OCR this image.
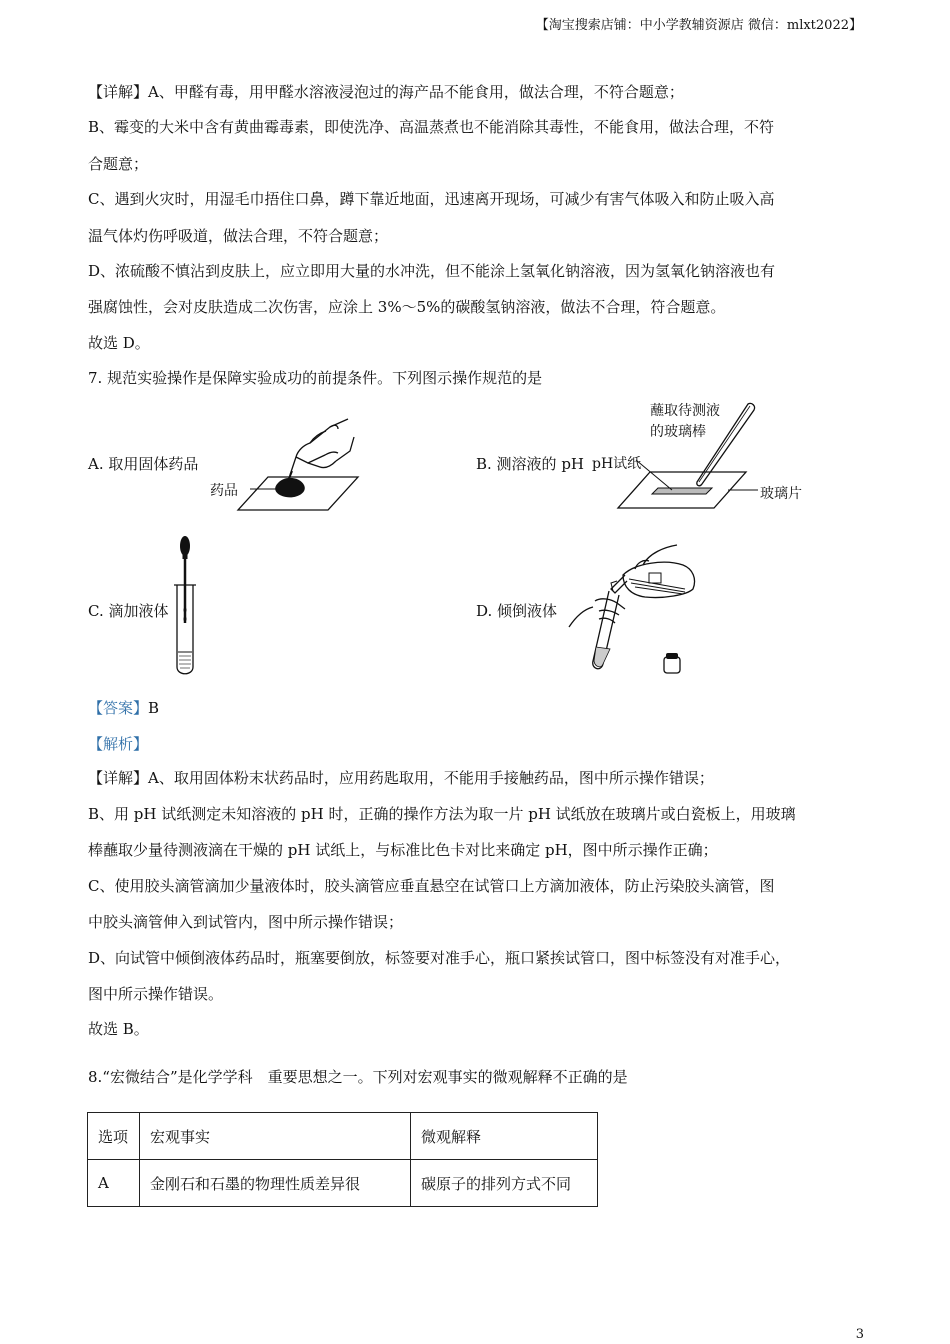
【淘宝搜索店铺：中小学教辅资源店 微信：mlxt2022】
【详解】A、甲醛有毒，用甲醛水溶液浸泡过的海产品不能食用，做法合理，不符合题意；
B、霉变的大米中含有黄曲霉毒素，即使洗净、高温蒸煮也不能消除其毒性，不能食用，做法合理，不符
合题意；
C、遇到火灾时，用湿毛巾捂住口鼻，蹲下靠近地面，迅速离开现场，可减少有害气体吸入和防止吸入高
温气体灼伤呼吸道，做法合理，不符合题意；
D、浓硫酸不慎沾到皮肤上，应立即用大量的水冲洗，但不能涂上氢氧化钠溶液，因为氢氧化钠溶液也有
强腐蚀性，会对皮肤造成二次伤害，应涂上 3%～5%的碳酸氢钠溶液，做法不合理，符合题意。
故选 D。
7. 规范实验操作是保障实验成功的前提条件。下列图示操作规范的是
A. 取用固体药品	B. 测溶液的 pH
C. 滴加液体	D. 倾倒液体
药品
蘸取待测液
的玻璃棒
pH试纸
玻璃片
【答案】B
【解析】
【详解】A、取用固体粉末状药品时，应用药匙取用，不能用手接触药品，图中所示操作错误；
B、用 pH 试纸测定未知溶液的 pH 时，正确的操作方法为取一片 pH 试纸放在玻璃片或白瓷板上，用玻璃
棒蘸取少量待测液滴在干燥的 pH 试纸上，与标准比色卡对比来确定 pH，图中所示操作正确；
C、使用胶头滴管滴加少量液体时，胶头滴管应垂直悬空在试管口上方滴加液体，防止污染胶头滴管，图
中胶头滴管伸入到试管内，图中所示操作错误；
D、向试管中倾倒液体药品时，瓶塞要倒放，标签要对准手心，瓶口紧挨试管口，图中标签没有对准手心，
图中所示操作错误。
故选 B。
8.“宏微结合”是化学学科　重要思想之一。下列对宏观事实的微观解释不正确的是
选项	宏观事实	微观解释
A	金刚石和石墨的物理性质差异很	碳原子的排列方式不同
3
